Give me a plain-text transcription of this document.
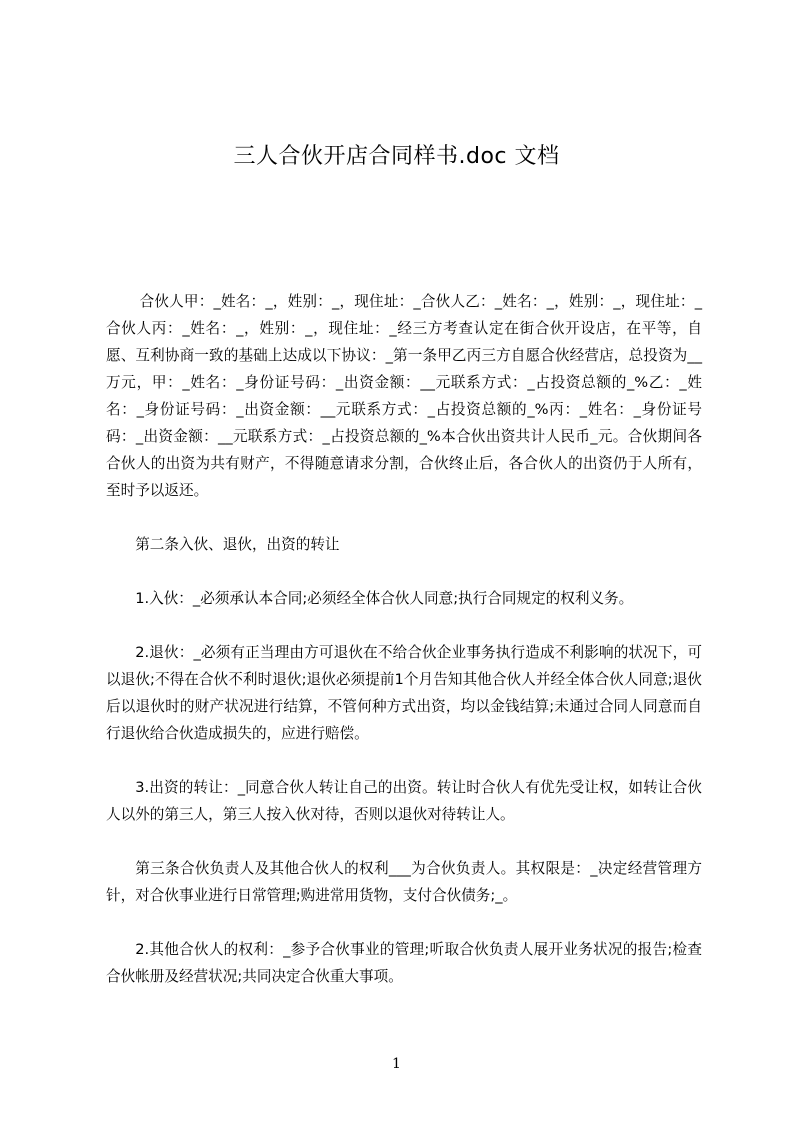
三人合伙开店合同样书.doc 文档

合伙人甲：_姓名：_，姓别：_，现住址：_合伙人乙：_姓名：_，姓别：_，现住址：_合伙人丙：_姓名：_，姓别：_，现住址：_经三方考查认定在街合伙开设店，在平等，自愿、互利协商一致的基础上达成以下协议：_第一条甲乙丙三方自愿合伙经营店，总投资为__万元，甲：_姓名：_身份证号码：_出资金额：__元联系方式：_占投资总额的_%乙：_姓名：_身份证号码：_出资金额：__元联系方式：_占投资总额的_%丙：_姓名：_身份证号码：_出资金额：__元联系方式：_占投资总额的_%本合伙出资共计人民币_元。合伙期间各合伙人的出资为共有财产，不得随意请求分割，合伙终止后，各合伙人的出资仍于人所有，至时予以返还。

第二条入伙、退伙，出资的转让

1.入伙：_必须承认本合同;必须经全体合伙人同意;执行合同规定的权利义务。

2.退伙：_必须有正当理由方可退伙在不给合伙企业事务执行造成不利影响的状况下，可以退伙;不得在合伙不利时退伙;退伙必须提前1个月告知其他合伙人并经全体合伙人同意;退伙后以退伙时的财产状况进行结算，不管何种方式出资，均以金钱结算;未通过合同人同意而自行退伙给合伙造成损失的，应进行赔偿。

3.出资的转让：_同意合伙人转让自己的出资。转让时合伙人有优先受让权，如转让合伙人以外的第三人，第三人按入伙对待，否则以退伙对待转让人。

第三条合伙负责人及其他合伙人的权利___为合伙负责人。其权限是：_决定经营管理方针，对合伙事业进行日常管理;购进常用货物，支付合伙债务;_。

2.其他合伙人的权利：_参予合伙事业的管理;听取合伙负责人展开业务状况的报告;检查合伙帐册及经营状况;共同决定合伙重大事项。

1
